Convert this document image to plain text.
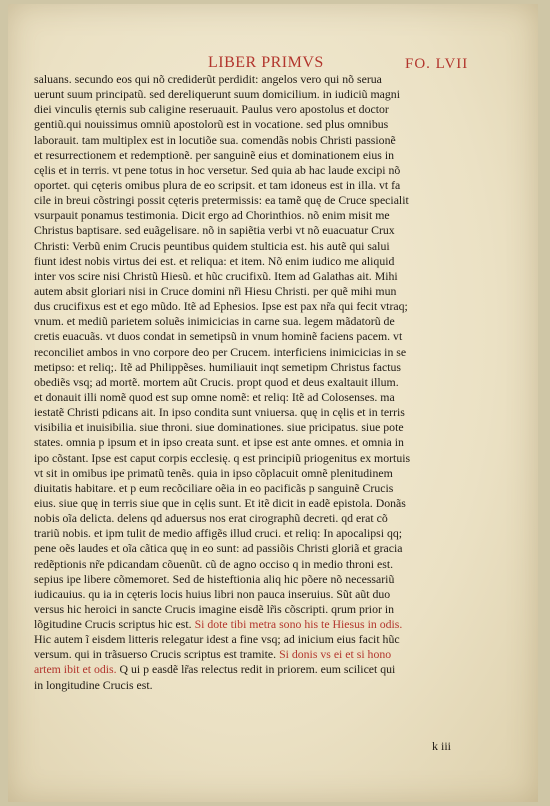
LIBER PRIMVS	FO. LVII
saluans. secundo eos qui nõ crediderũt perdidit: angelos vero qui nõ serua
uerunt suum principatũ. sed dereliquerunt suum domicilium. in iudiciũ magni
diei vinculis ęternis sub caligine reseruauit. Paulus vero apostolus et doctor
gentiũ.qui nouissimus omniũ apostolorũ est in vocatione. sed plus omnibus
laborauit. tam multiplex est in locutiõe sua. comendãs nobis Christi passionẽ
et resurrectionem et redemptionẽ. per sanguinẽ eius et dominationem eius in
cęlis et in terris. vt pene totus in hoc versetur. Sed quia ab hac laude excipi nõ
oportet. qui cęteris omibus plura de eo scripsit. et tam idoneus est in illa. vt fa
cile in breui cõstringi possit cęteris pretermissis: ea tamẽ quę de Cruce specialit
vsurpauit ponamus testimonia. Dicit ergo ad Chorinthios. nõ enim misit me
Christus baptisare. sed euãgelisare. nõ in sapiẽtia verbi vt nõ euacuatur Crux
Christi: Verbũ enim Crucis peuntibus quidem stulticia est. his autẽ qui salui
fiunt idest nobis virtus dei est. et reliqua: et item. Nõ enim iudico me aliquid
inter vos scire nisi Christũ Hiesũ. et hũc crucifixũ. Item ad Galathas ait. Mihi
autem absit gloriari nisi in Cruce domini nr̃i Hiesu Christi. per quẽ mihi mun
dus crucifixus est et ego mũdo. Itẽ ad Ephesios. Ipse est pax nr̃a qui fecit vtraq;
vnum. et mediũ parietem soluẽs inimicicias in carne sua. legem mãdatorũ de
cretis euacuãs. vt duos condat in semetipsũ in vnum hominẽ faciens pacem. vt
reconciliet ambos in vno corpore deo per Crucem. interficiens inimicicias in se
metipso: et reliq;. Itẽ ad Philippẽses. humiliauit inqt semetipm Christus factus
obediẽs vsq; ad mortẽ. mortem aũt Crucis. propt quod et deus exaltauit illum.
et donauit illi nomẽ quod est sup omne nomẽ: et reliq: Itẽ ad Colosenses. ma
iestatẽ Christi pdicans ait. In ipso condita sunt vniuersa. quę in cęlis et in terris
visibilia et inuisibilia. siue throni. siue dominationes. siue pricipatus. siue pote
states. omnia p ipsum et in ipso creata sunt. et ipse est ante omnes. et omnia in
ipo cõstant. Ipse est caput corpis ecclesię. q est principiũ priogenitus ex mortuis
vt sit in omibus ipe primatũ tenẽs. quia in ipso cõplacuit omnẽ plenitudinem
diuitatis habitare. et p eum recõciliare oẽia in eo pacificãs p sanguinẽ Crucis
eius. siue quę in terris siue que in cęlis sunt. Et itẽ dicit in eadẽ epistola. Donãs
nobis oĩa delicta. delens qd aduersus nos erat cirographũ decreti. qd erat cõ
trariũ nobis. et ipm tulit de medio affigẽs illud cruci. et reliq: In apocalipsi qq;
pene oẽs laudes et oĩa cãtica quę in eo sunt: ad passiõis Christi gloriã et gracia
redẽptionis nr̃e pdicandam cõuenũt. cũ de agno occiso q in medio throni est.
sepius ipe libere cõmemoret. Sed de histeftionia aliq hic põere nõ necessariũ
iudicauius. qu ia in cęteris locis huius libri non pauca inseruius. Sũt aũt duo
versus hic heroici in sancte Crucis imagine eisdẽ lr̃is cõscripti. qrum prior in
lõgitudine Crucis scriptus hic est. Si dote tibi metra sono his te Hiesus in odis.
Hic autem ĩ eisdem litteris relegatur idest a fine vsq; ad inicium eius facit hũc
versum. qui in trãsuerso Crucis scriptus est tramite. Si donis vs ei et si hono
artem ibit et odis. Q ui p easdẽ lr̃as relectus redit in priorem. eum scilicet qui
in longitudine Crucis est.
k iii
